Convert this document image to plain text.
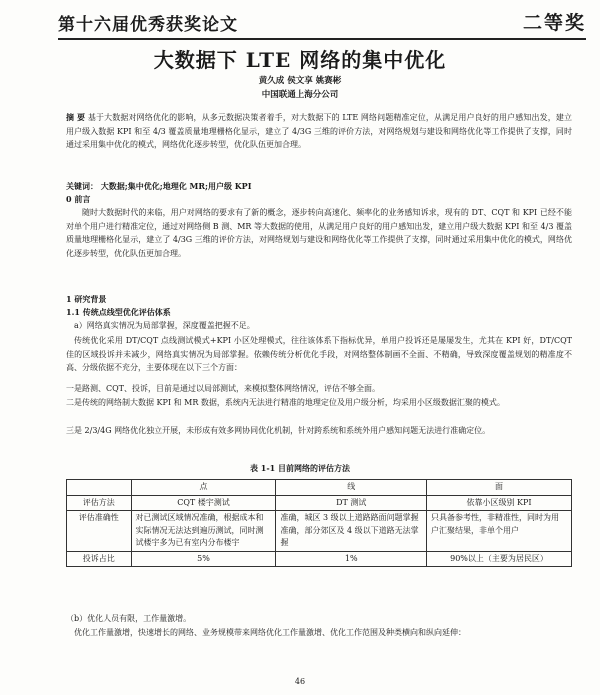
第十六届优秀获奖论文	二等奖
大数据下 LTE 网络的集中优化
黄久成 侯文享 姚赛彬
中国联通上海分公司
摘 要 基于大数据对网络优化的影响，从多元数据决策者着手，对大数据下的 LTE 网络问题精准定位，从满足用户良好的用户感知出发，建立用户级入数据 KPI 和至 4/3 覆盖质量地理栅格化显示，建立了 4/3G 三维的评价方法，对网络规划与建设和网络优化等工作提供了支撑，同时通过采用集中优化的模式，网络优化逐步转型，优化队伍更加合理。
关键词： 大数据;集中优化;地理化 MR;用户级 KPI
0 前言
随时大数据时代的来临，用户对网络的要求有了新的概念，逐步转向高速化、频率化的业务感知诉求，现有的 DT、CQT 和 KPI 已经不能对单个用户进行精准定位，通过对网络侧 B 测、MR 等大数据的使用，从满足用户良好的用户感知出发，建立用户级大数据 KPI 和至 4/3 覆盖质量地理栅格化显示，建立了 4/3G 三维的评价方法，对网络规划与建设和网络优化等工作提供了支撑，同时通过采用集中优化的模式，网络优化逐步转型，优化队伍更加合理。
1 研究背景
1.1 传统点线型优化评估体系
a）网络真实情况为局部掌握，深度覆盖把握不足。
传统优化采用 DT/CQT 点线测试模式+KPI 小区处理模式，往往该体系下指标优异，单用户投诉还是屡屡发生，尤其在 KPI 好，DT/CQT 佳的区域投诉并未减少，网络真实情况为局部掌握。依赖传统分析优化手段，对网络整体制画不全面、不精确，导致深度覆盖规划的精准度不高、分级依据不充分，主要体现在以下三个方面：
一是路测、CQT、投诉，目前是通过以局部测试，来模拟整体网络情况，评估不够全面。
二是传统的网络制大数据 KPI 和 MR 数据，系统内无法进行精准的地理定位及用户级分析，均采用小区级数据汇聚的模式。
三是 2/3/4G 网络优化独立开展，未形成有效多网协同优化机制，针对跨系统和系统外用户感知问题无法进行准确定位。
表 1-1 目前网络的评估方法
	点	线	面
评估方法	CQT 楼宇测试	DT 测试	依靠小区级别 KPI
评估准确性	对已测试区域情况准确，根据成本和实际情况无法达到遍历测试，同时测试楼宇多为已有室内分布楼宇	准确，城区 3 级以上道路路面问题掌握准确，部分郊区及 4 级以下道路无法掌握	只具备参考性，非精准性，同时为用户汇聚结果，非单个用户
投诉占比	5%	1%	90%以上（主要为居民区）
（b）优化人员有限，工作量激增。
优化工作量激增，快速增长的网络、业务规模带来网络优化工作量激增、优化工作范围及种类横向和纵向延伸：
46
